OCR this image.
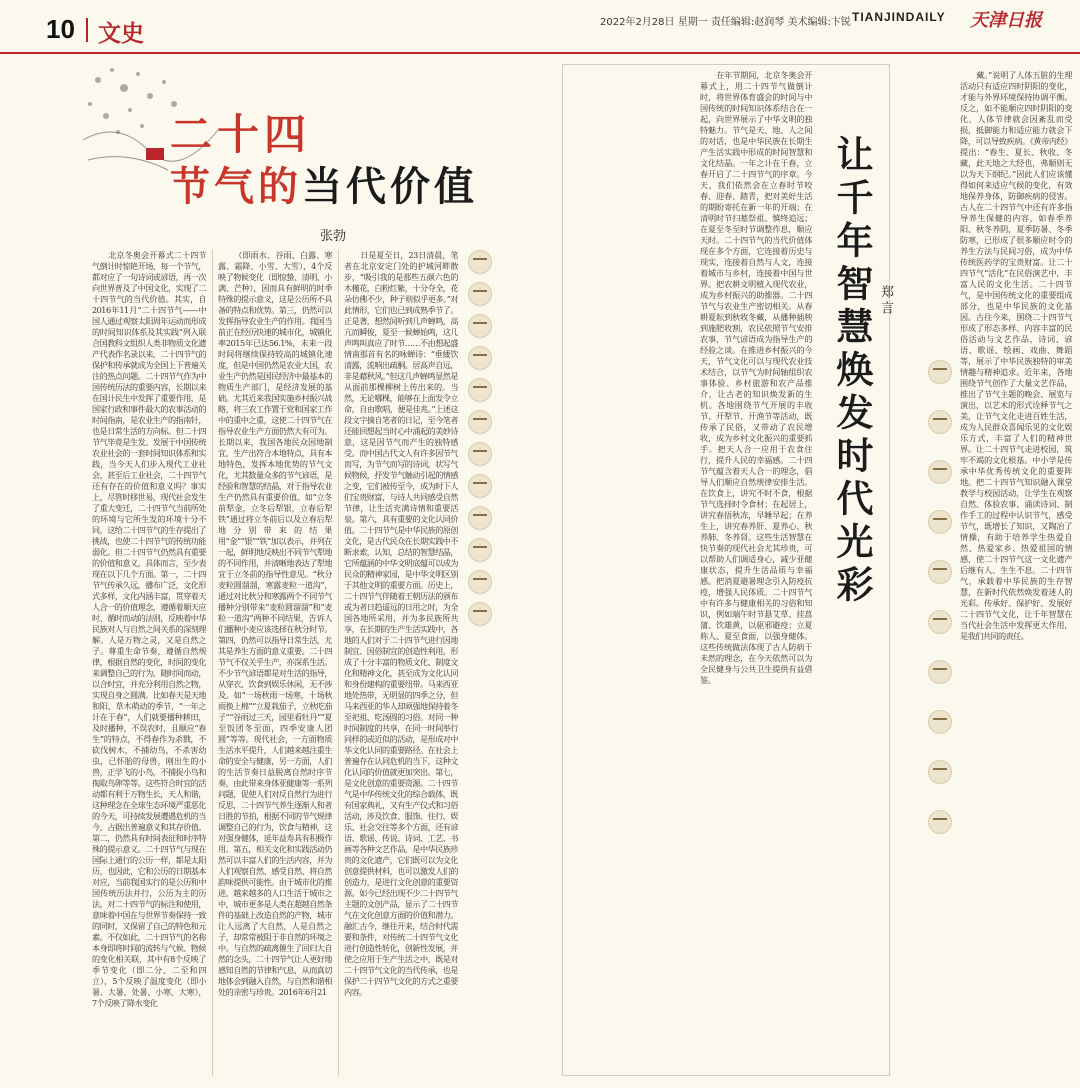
10 文史	2022年2月28日 星期一 责任编辑:赵润琴 美术编辑:卞锐 TIANJINDAILY 天津日报
二十四
节气的当代价值
张勃

北京冬奥会开幕式二十四节气倒计时惊艳开场，每一个节气，都对应了一句诗词或谚语，再一次向世界普及了中国文化，实现了二十四节气的当代价值。其实，自2016年11月“二十四节气——中国人通过观察太阳周年运动而形成的时间知识体系及其实践”列入联合国教科文组织人类非物质文化遗产代表作名录以来，二十四节气的保护和传承就成为全国上下普遍关注的热点问题。二十四节气作为中国传统历法的重要内容，长期以来在国计民生中发挥了重要作用，是国家行政和事件最大的农事活动的时间指南，是农业生产的指南针，也是日常生活的方向标。但二十四节气毕竟是生发、发展于中国传统农业社会的一套时间知识体系和实践，当今天人们步入现代工业社会，甚至后工业社会，二十四节气还有存在的价值和意义吗？事实上，尽管时移世易，现代社会发生了重大变迁，二十四节气当前所处的环境与它所生发的环境十分不同，这给二十四节气的生存提出了挑战，也使二十四节气的传统功能弱化。但二十四节气仍然具有重要的价值和意义，具体而言，至少表现在以下几个方面。第一，二十四节气传承久远，播布广泛，文化形式多样，文化内涵丰富，贯穿着天人合一的价值理念，遵循着顺天应时、循时而动的法则，反映着中华民族对人与自然之间关系的深刻理解。人是万物之灵，又是自然之子。尊重生命节奏，遵循自然规律，根据自然的变化，时间的变化来调整自己的行为，随时间而动，以合时宜，并充分利用自然之物，实现自身之圆满。比如春天是天地和阳、草木萌动的季节，“一年之计在于春”，人们就要播种耕田，及时播种，不误农时，且顺应“春生”的特点，不得春作为杀戮，不砍伐树木，不捕幼鸟，不杀害幼虫，已怀胎的母兽，刚出生的小兽，正学飞的小鸟，不捕捉小鸟和掏取鸟卵等等。这些符合时宜的活动都有利于万物生长，天人和谐，这种理念在全球生态环境严重恶化的今天，可持续发展遭遇危机的当今，占据出普遍意义和其存价值。第二，仍然具有时间表征和时序特殊的提示意义。二十四节气与现在国际上通行的公历一样，都是太阳历，也因此，它和公历的日期基本对应，当前我国实行的是公历和中国传统历法并行，公历为主的历法，对二十四节气的标注和使用，意味着中国在与世界节奏保持一致的同时，又保留了自己的特色和元素。不仅如此，二十四节气的名称本身即将时间的流转与气候、物候的变化相关联，其中有8个反映了季节变化（即二分、二至和四立），5个反映了温度变化（即小暑、大暑、处暑、小寒、大寒），7个反映了降水变化

（即雨水、谷雨、白露、寒露、霜降、小雪、大雪），4个反映了物候变化（即惊蛰、清明、小满、芒种），因而具有鲜明的时季特殊的提示意义，这是公历所不具备的特点和优势。第三，仍然可以发挥指导农业生产的作用。我国当前正在经历快速的城市化，城镇化率2015年已达56.1%，未来一段时间将继续保持较高的城镇化速度，但是中国仍然是农业大国，农业生产仍然是国民经济中最基本的物质生产部门，是经济发展的基础。尤其近来我国实施乡村振兴战略，将三农工作置于党和国家工作中的重中之重，这使二十四节气在指导农业生产方面仍然大有可为。长期以来，我国各地民众因地制宜，生产出符合本地特点，具有本地特色，发挥本地优势的节气文化，尤其数量众多的节气谚语，是经验和智慧的结晶，对于指导农业生产仍然具有重要价值。如“立冬前犁金，立冬后犁银，立春后犁铁”通过将立冬前后以及立春后犁地分别带来的结果用“金”“银”“铁”加以表示，并列在一起，鲜明地反映出不同节气犁地的不同作用，并清晰地表达了犁地宜于立冬前的指导性意见。“秋分麦粒圆溜溜，寒露麦粒一道沟”，通过对比秋分和寒露两个不同节气播种分别带来“麦粒圆溜溜”和“麦粒一道沟”两种不同结果，告诉人们播种小麦应该选择在秋分时节。第四，仍然可以指导日常生活，尤其是养生方面的意义重要。二十四节气不仅关乎生产，亦深系生活。不少节气谚语都是对生活的指导，从穿衣、饮食到娱乐休闲，无不涉及。如“一场秋雨一场寒，十场秋雨换上棉”“立夏栽茄子，立秋吃茄子”“谷雨过三天，园里看牡丹”“夏至饭团冬至面，四季安康人团圆”等等。现代社会，一方面物质生活水平提升，人们越来越注重生命的安全与健康，另一方面，人们的生活节奏日益脱离自然时序节奏，由此带来身体亚健康等一系列问题，促使人们对反自然行为进行反思，二十四节气养生逐渐人和者日胜的节拍，根据不同的节气规律调整自己的行为，饮食与精神，这对强身健体，延年益寿具有积极作用。第五，相关文化和实践活动仍然可以丰富人们的生活内容，并为人们观察自然、感受自然、将自然韵味提供可能性。由于城市化的推进，越来越多的人口生活于城市之中，城市更多是人类在超越自然条件的基础上改造自然的产物，城市让人远离了大自然，人是自然之子，却常常被阻于非自然的环境之中。与自然的疏离催生了回归大自然的念头，二十四节气让人更好地感知自然的节律和气息，从而真切地体会到融入自然，与自然和谐相处的亲密与珍贵。2016年6月21

日是夏至日，23日清晨，笔者在北京安定门处的护城河畔散步，“吸引我的是那些五颜六色的木槿花，白粉红紫，十分夺全，花朵仿佛不少，种子则似乎更多。”对此情形，它们也已到成熟季节了。正是著，想然间听到几声蝉鸣，高亢而瞬俊，夏至一候蝉始鸣，这几声鸣叫真应了时节……不由想起盛情南那首有名的咏蝉诗：“垂緌饮清露，流响出疏桐。居高声自远，非是藉秋风。”但这几声蝉鸣显然是从面前那棵柳树上传出来的。当然，无论哪棵，能够在上面发令立命，自由歌唱，便是佳兆。”上述这段文字摘自笔者的日记，至今笔者还能回想起当时心中涌起的美妙诗意，这是因节气而产生的独特感受。而中国古代文人有许多因节气而写，为节气而写的诗词，状写气候物候，抒发节气触动引起的情感之变，它们被传至今，成为时下人们宝贵财富，与诗人共同感受自然节律，让生活充满诗情和重要活泉。第六，具有重要的文化认同价值。二十四节气是中华民族的原创文化，是古代民众在长期实践中不断求索，认知，总结的智慧结晶，它所蕴涵的中华文明底蕴可以成为民众的精神家园，是中华文明区别于其他文明的重要方面。历史上，二十四节气伴随着王朝历法的颁布或为者日趋遥远的日用之时，为全国各地所采用，并为多民族所共享，在长期的生产生活实践中，各地的人们对于二十四节气进行因地制宜、因俗制宜的创造性利用，形成了十分丰富的物质文化、制度文化和精神文化，甚至成为文化认同和身份建构的重要纽带。马来西亚地处热带，无明显的四季之分，但马来西亚的华人却顽强地保持着冬至祀祖、吃汤圆的习俗。对同一种时间制度的共享，在同一时间举行同样的或近似的活动，是形成对中华文化认同的重要路径。在社会上普遍存在认同危机的当下，这种文化认同的价值就更加突出。第七，是文化创意的重要资源。二十四节气是中华传统文化的综合载体，既有国家典礼，又有生产仪式和习俗活动，涉及饮食、服饰、住行、娱乐、社会交往等多个方面，还有谚语、歌谣、传说、诗词、工艺、书画等各种文艺作品，是中华民族珍贵的文化遗产，它们既可以为文化创意提供材料，也可以激发人们的创造力，是进行文化创意的重要资源。如今已经出现不少二十四节气主题的文创产品，显示了二十四节气在文化创意方面的价值和潜力。融汇古今，继往开来，结合时代需要和条件，对传统二十四节气文化进行创造性转化，创新性发展，并使之应用于生产生活之中，既是对二十四节气文化的当代传承，也是保护二十四节气文化的方式之重要内容。

在年节期间，北京冬奥会开幕式上，用二十四节气做倒计时，将世界体育盛会的时间与中国传统的时间知识体系结合在一起，向世界展示了中华文明的独特魅力。节气是天、地、人之间的对话，也是中华民族在长期生产生活实践中形成的时间智慧和文化结晶。一年之计在于春，立春开启了二十四节气的序章。今天，我们依然会在立春时节咬春、迎春、踏青，把对美好生活的期盼寄托在新一年的开端；在清明时节扫墓祭祖、慎终追远；在夏至冬至时节调整作息，顺应天时。二十四节气的当代价值体现在多个方面，它连接着历史与现实，连接着自然与人文，连接着城市与乡村，连接着中国与世界。把农耕文明植入现代农业，成为乡村振兴的助推器。二十四节气与农业生产密切相关。从春耕夏耘到秋收冬藏，从播种插秧到施肥收割，农民依照节气安排农事，节气谚语成为指导生产的经验之谈。在推进乡村振兴的今天，节气文化可以与现代农业技术结合，以节气为时间轴组织农事体验、乡村旅游和农产品推介，让古老的知识焕发新的生机。各地围绕节气开展的丰收节、开犁节、开渔节等活动，既传承了民俗，又带动了农民增收，成为乡村文化振兴的重要抓手。把天人合一应用于农食住行，提升人民的幸福感。二十四节气蕴含着天人合一的理念，倡导人们顺应自然规律安排生活。在饮食上，讲究不时不食，根据节气选择时令食材；在起居上，讲究春捂秋冻，早睡早起；在养生上，讲究春养肝、夏养心、秋养肺、冬养肾。这些生活智慧在快节奏的现代社会尤其珍贵，可以帮助人们调适身心，减少亚健康状态，提升生活品质与幸福感。把消夏避暑理念引入防疫抗疫，增强人民体质。二十四节气中有许多与健康相关的习俗和知识，例如端午时节悬艾草、挂菖蒲、饮雄黄，以驱邪避疫；立夏称人、夏至食面，以强身健体。这些传统做法体现了古人防病于未然的理念，在今天依然可以为全民健身与公共卫生提供有益借鉴。

让千年智慧焕发时代光彩 郑言

藏。”说明了人体五脏的生理活动只有适应四时阴阳的变化，才能与外界环境保持协调平衡。反之，如不能顺应四时阴阳的变化，人体节律就会因紊乱而受损，抵御能力和适应能力就会下降，可以导致疾病。《黄帝内经》提出：“春生、夏长、秋收、冬藏，此天地之大经也，弗顺则无以为天下纲纪。”因此人们应该懂得如何来适应气候的变化，有效地保养身体，防御疾病的侵害。古人在二十四节气中还有许多指导养生保健的内容，如春季养阳、秋冬养阴，夏季防暑、冬季防寒，已形成了很多顺应时令的养生方法与民间习俗，成为中华传统医药学的宝贵财富。让二十四节气“活化”在民俗演艺中，丰富人民的文化生活。二十四节气，是中国传统文化的重要组成部分，也是中华民族的文化基因。古往今来，围绕二十四节气形成了形态多样、内容丰富的民俗活动与文艺作品，诗词、谚语、歌谣、绘画、戏曲、舞蹈等，展示了中华民族独特的审美情趣与精神追求。近年来，各地围绕节气创作了大量文艺作品，推出了节气主题的晚会、展览与演出，以艺术的形式诠释节气之美，让节气文化走进百姓生活，成为人民群众喜闻乐见的文化娱乐方式，丰富了人们的精神世界。让二十四节气走进校园，筑牢不竭的文化根基。中小学是传承中华优秀传统文化的重要阵地。把二十四节气知识融入课堂教学与校园活动，让学生在观察自然、体验农事、诵读诗词、制作手工的过程中认识节气，感受节气，既增长了知识，又陶冶了情操，有助于培养学生热爱自然、热爱家乡、热爱祖国的情感，使二十四节气这一文化遗产后继有人、生生不息。二十四节气，承载着中华民族的生存智慧，在新时代依然焕发着迷人的光彩。传承好、保护好、发展好二十四节气文化，让千年智慧在当代社会生活中发挥更大作用，是我们共同的责任。
